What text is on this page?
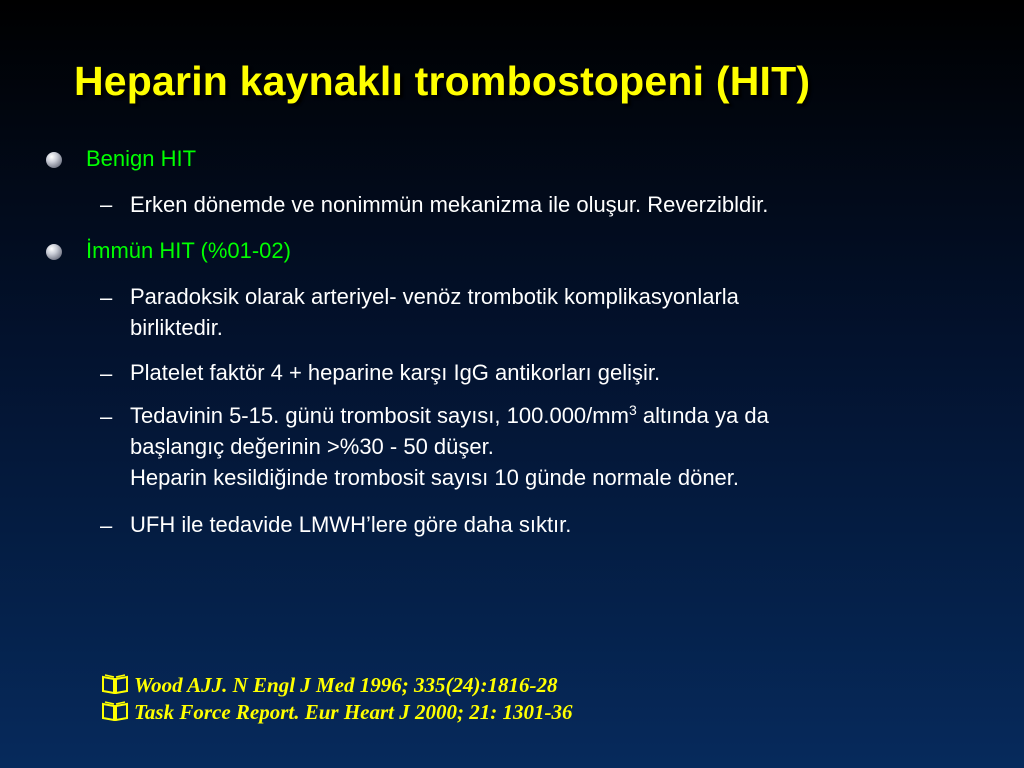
Heparin kaynaklı trombostopeni (HIT)
Benign HIT
– Erken dönemde ve nonimmün mekanizma ile oluşur. Reverzibldir.
İmmün HIT (%01-02)
– Paradoksik olarak arteriyel- venöz trombotik komplikasyonlarla
birliktedir.
– Platelet faktör 4 + heparine karşı IgG antikorları gelişir.
– Tedavinin 5-15. günü trombosit sayısı, $100.000/mm^3$ altında ya da
başlangıç değerinin >%30 - 50 düşer.
Heparin kesildiğinde trombosit sayısı 10 günde normale döner.
– UFH ile tedavide LMWH’lere göre daha sıktır.
Wood AJJ. N Engl J Med 1996; 335(24):1816-28
Task Force Report. Eur Heart J 2000; 21: 1301-36
